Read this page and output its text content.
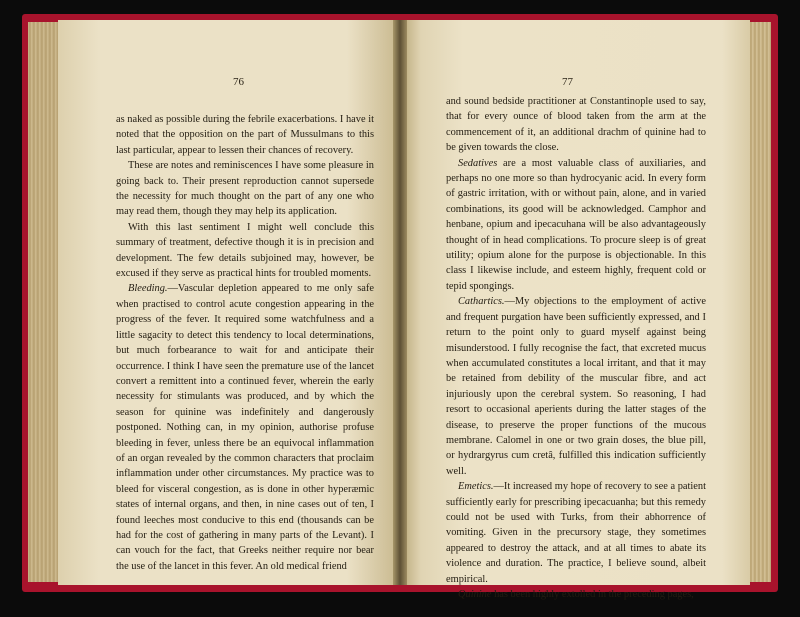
76

as naked as possible during the febrile exacerbations. I have it noted that the opposition on the part of Mussulmans to this last particular, appear to lessen their chances of recovery.

These are notes and reminiscences I have some pleasure in going back to. Their present reproduction cannot supersede the necessity for much thought on the part of any one who may read them, though they may help its application.

With this last sentiment I might well conclude this summary of treatment, defective though it is in precision and development. The few details subjoined may, however, be excused if they serve as practical hints for troubled moments.

Bleeding.—Vascular depletion appeared to me only safe when practised to control acute congestion appearing in the progress of the fever. It required some watchfulness and a little sagacity to detect this tendency to local determinations, but much forbearance to wait for and anticipate their occurrence. I think I have seen the premature use of the lancet convert a remittent into a continued fever, wherein the early necessity for stimulants was produced, and by which the season for quinine was indefinitely and dangerously postponed. Nothing can, in my opinion, authorise profuse bleeding in fever, unless there be an equivocal inflammation of an organ revealed by the common characters that proclaim inflammation under other circumstances. My practice was to bleed for visceral congestion, as is done in other hyperæmic states of internal organs, and then, in nine cases out of ten, I found leeches most conducive to this end (thousands can be had for the cost of gathering in many parts of the Levant). I can vouch for the fact, that Greeks neither require nor bear the use of the lancet in this fever. An old medical friend

77

and sound bedside practitioner at Constantinople used to say, that for every ounce of blood taken from the arm at the commencement of it, an additional drachm of quinine had to be given towards the close.

Sedatives are a most valuable class of auxiliaries, and perhaps no one more so than hydrocyanic acid. In every form of gastric irritation, with or without pain, alone, and in varied combinations, its good will be acknowledged. Camphor and henbane, opium and ipecacuhana will be also advantageously thought of in head complications. To procure sleep is of great utility; opium alone for the purpose is objectionable. In this class I likewise include, and esteem highly, frequent cold or tepid spongings.

Cathartics.—My objections to the employment of active and frequent purgation have been sufficiently expressed, and I return to the point only to guard myself against being misunderstood. I fully recognise the fact, that excreted mucus when accumulated constitutes a local irritant, and that it may be retained from debility of the muscular fibre, and act injuriously upon the cerebral system. So reasoning, I had resort to occasional aperients during the latter stages of the disease, to preserve the proper functions of the mucous membrane. Calomel in one or two grain doses, the blue pill, or hydrargyrus cum cretâ, fulfilled this indication sufficiently well.

Emetics.—It increased my hope of recovery to see a patient sufficiently early for prescribing ipecacuanha; but this remedy could not be used with Turks, from their abhorrence of vomiting. Given in the precursory stage, they sometimes appeared to destroy the attack, and at all times to abate its violence and duration. The practice, I believe sound, albeit empirical.

Quinine has been highly extolled in the preceding pages,
